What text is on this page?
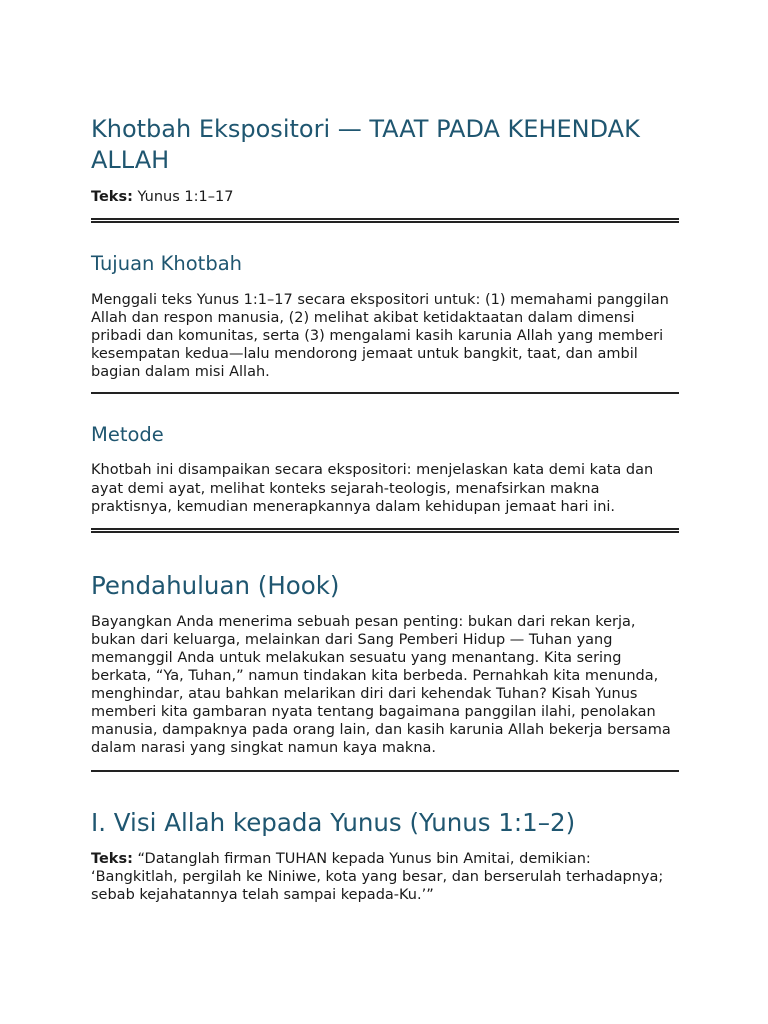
Khotbah Ekspositori — TAAT PADA KEHENDAK ALLAH
Teks: Yunus 1:1–17
Tujuan Khotbah

Menggali teks Yunus 1:1–17 secara ekspositori untuk: (1) memahami panggilan Allah dan respon manusia, (2) melihat akibat ketidaktaatan dalam dimensi pribadi dan komunitas, serta (3) mengalami kasih karunia Allah yang memberi kesempatan kedua—lalu mendorong jemaat untuk bangkit, taat, dan ambil bagian dalam misi Allah.

Metode

Khotbah ini disampaikan secara ekspositori: menjelaskan kata demi kata dan ayat demi ayat, melihat konteks sejarah-teologis, menafsirkan makna praktisnya, kemudian menerapkannya dalam kehidupan jemaat hari ini.

Pendahuluan (Hook)

Bayangkan Anda menerima sebuah pesan penting: bukan dari rekan kerja, bukan dari keluarga, melainkan dari Sang Pemberi Hidup — Tuhan yang memanggil Anda untuk melakukan sesuatu yang menantang. Kita sering berkata, “Ya, Tuhan,” namun tindakan kita berbeda. Pernahkah kita menunda, menghindar, atau bahkan melarikan diri dari kehendak Tuhan? Kisah Yunus memberi kita gambaran nyata tentang bagaimana panggilan ilahi, penolakan manusia, dampaknya pada orang lain, dan kasih karunia Allah bekerja bersama dalam narasi yang singkat namun kaya makna.

I. Visi Allah kepada Yunus (Yunus 1:1–2)

Teks: “Datanglah firman TUHAN kepada Yunus bin Amitai, demikian: ‘Bangkitlah, pergilah ke Niniwe, kota yang besar, dan berserulah terhadapnya; sebab kejahatannya telah sampai kepada-Ku.’”
